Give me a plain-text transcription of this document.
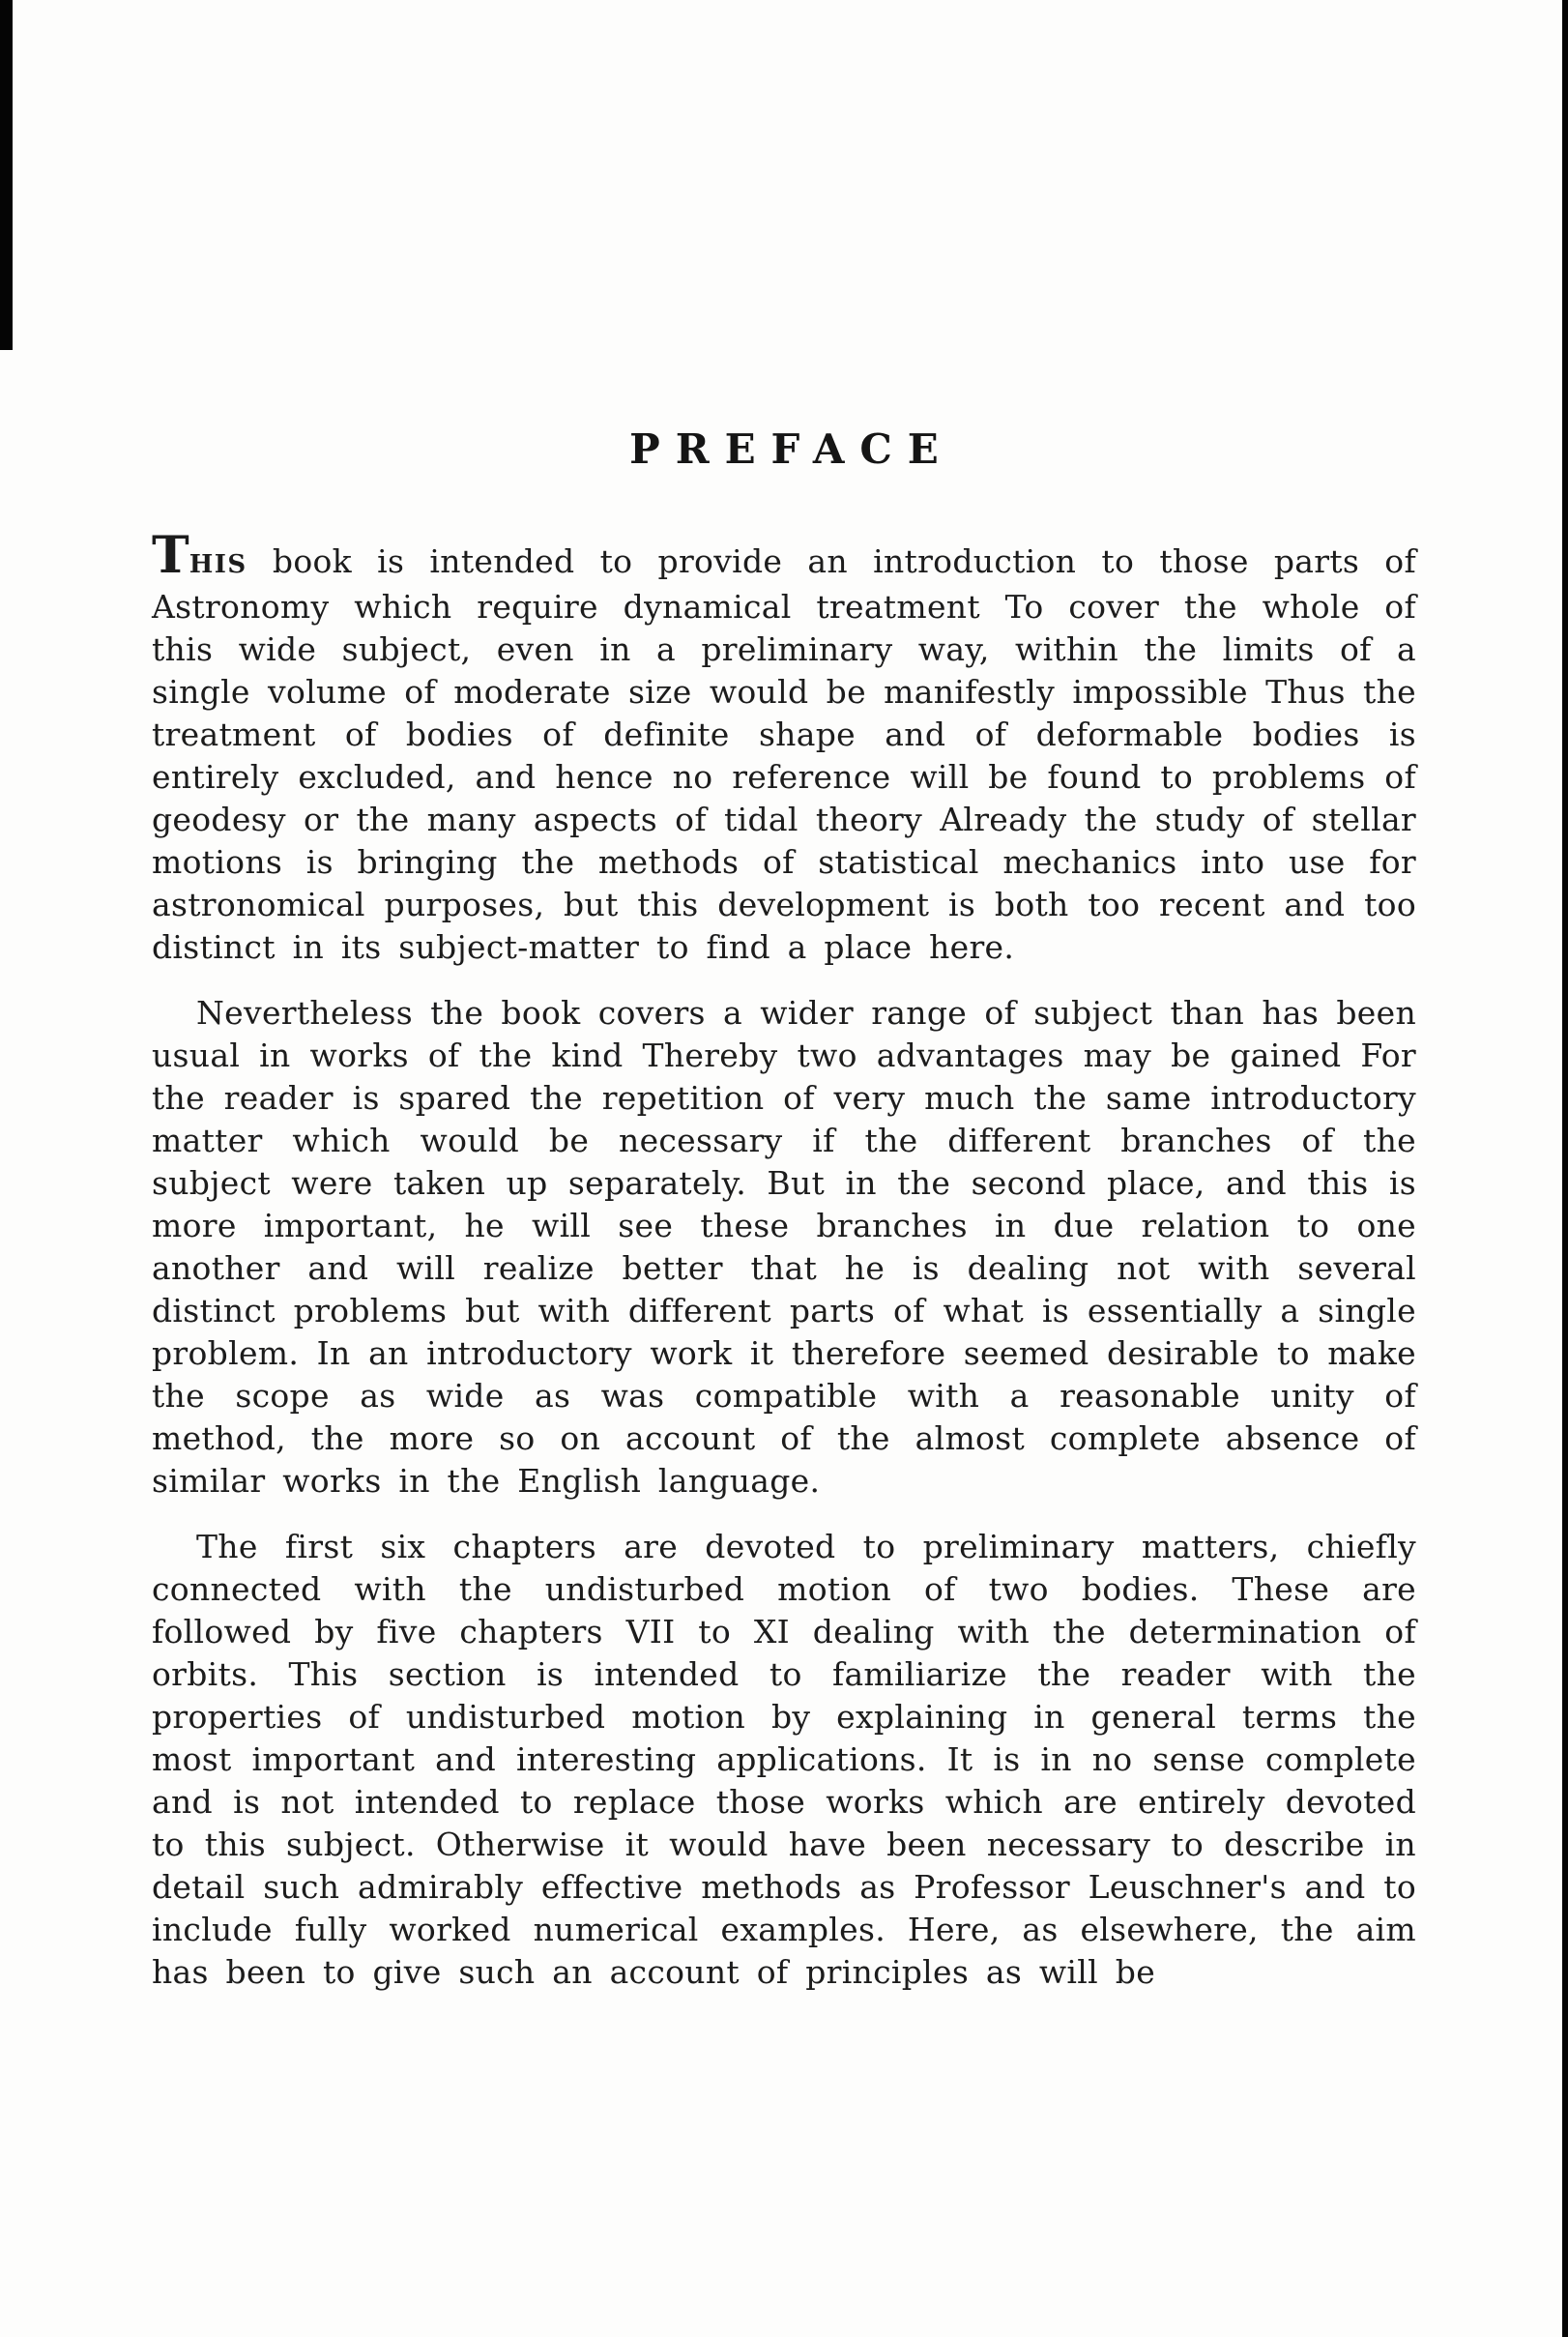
PREFACE

THIS book is intended to provide an introduction to those parts of Astronomy which require dynamical treatment To cover the whole of this wide subject, even in a preliminary way, within the limits of a single volume of moderate size would be manifestly impossible Thus the treatment of bodies of definite shape and of deformable bodies is entirely excluded, and hence no reference will be found to problems of geodesy or the many aspects of tidal theory Already the study of stellar motions is bringing the methods of statistical mechanics into use for astronomical purposes, but this development is both too recent and too distinct in its subject-matter to find a place here.

Nevertheless the book covers a wider range of subject than has been usual in works of the kind Thereby two advantages may be gained For the reader is spared the repetition of very much the same introductory matter which would be necessary if the different branches of the subject were taken up separately. But in the second place, and this is more important, he will see these branches in due relation to one another and will realize better that he is dealing not with several distinct problems but with different parts of what is essentially a single problem. In an introductory work it therefore seemed desirable to make the scope as wide as was compatible with a reasonable unity of method, the more so on account of the almost complete absence of similar works in the English language.

The first six chapters are devoted to preliminary matters, chiefly connected with the undisturbed motion of two bodies. These are followed by five chapters VII to XI dealing with the determination of orbits. This section is intended to familiarize the reader with the properties of undisturbed motion by explaining in general terms the most important and interesting applications. It is in no sense complete and is not intended to replace those works which are entirely devoted to this subject. Otherwise it would have been necessary to describe in detail such admirably effective methods as Professor Leuschner's and to include fully worked numerical examples. Here, as elsewhere, the aim has been to give such an account of principles as will be
